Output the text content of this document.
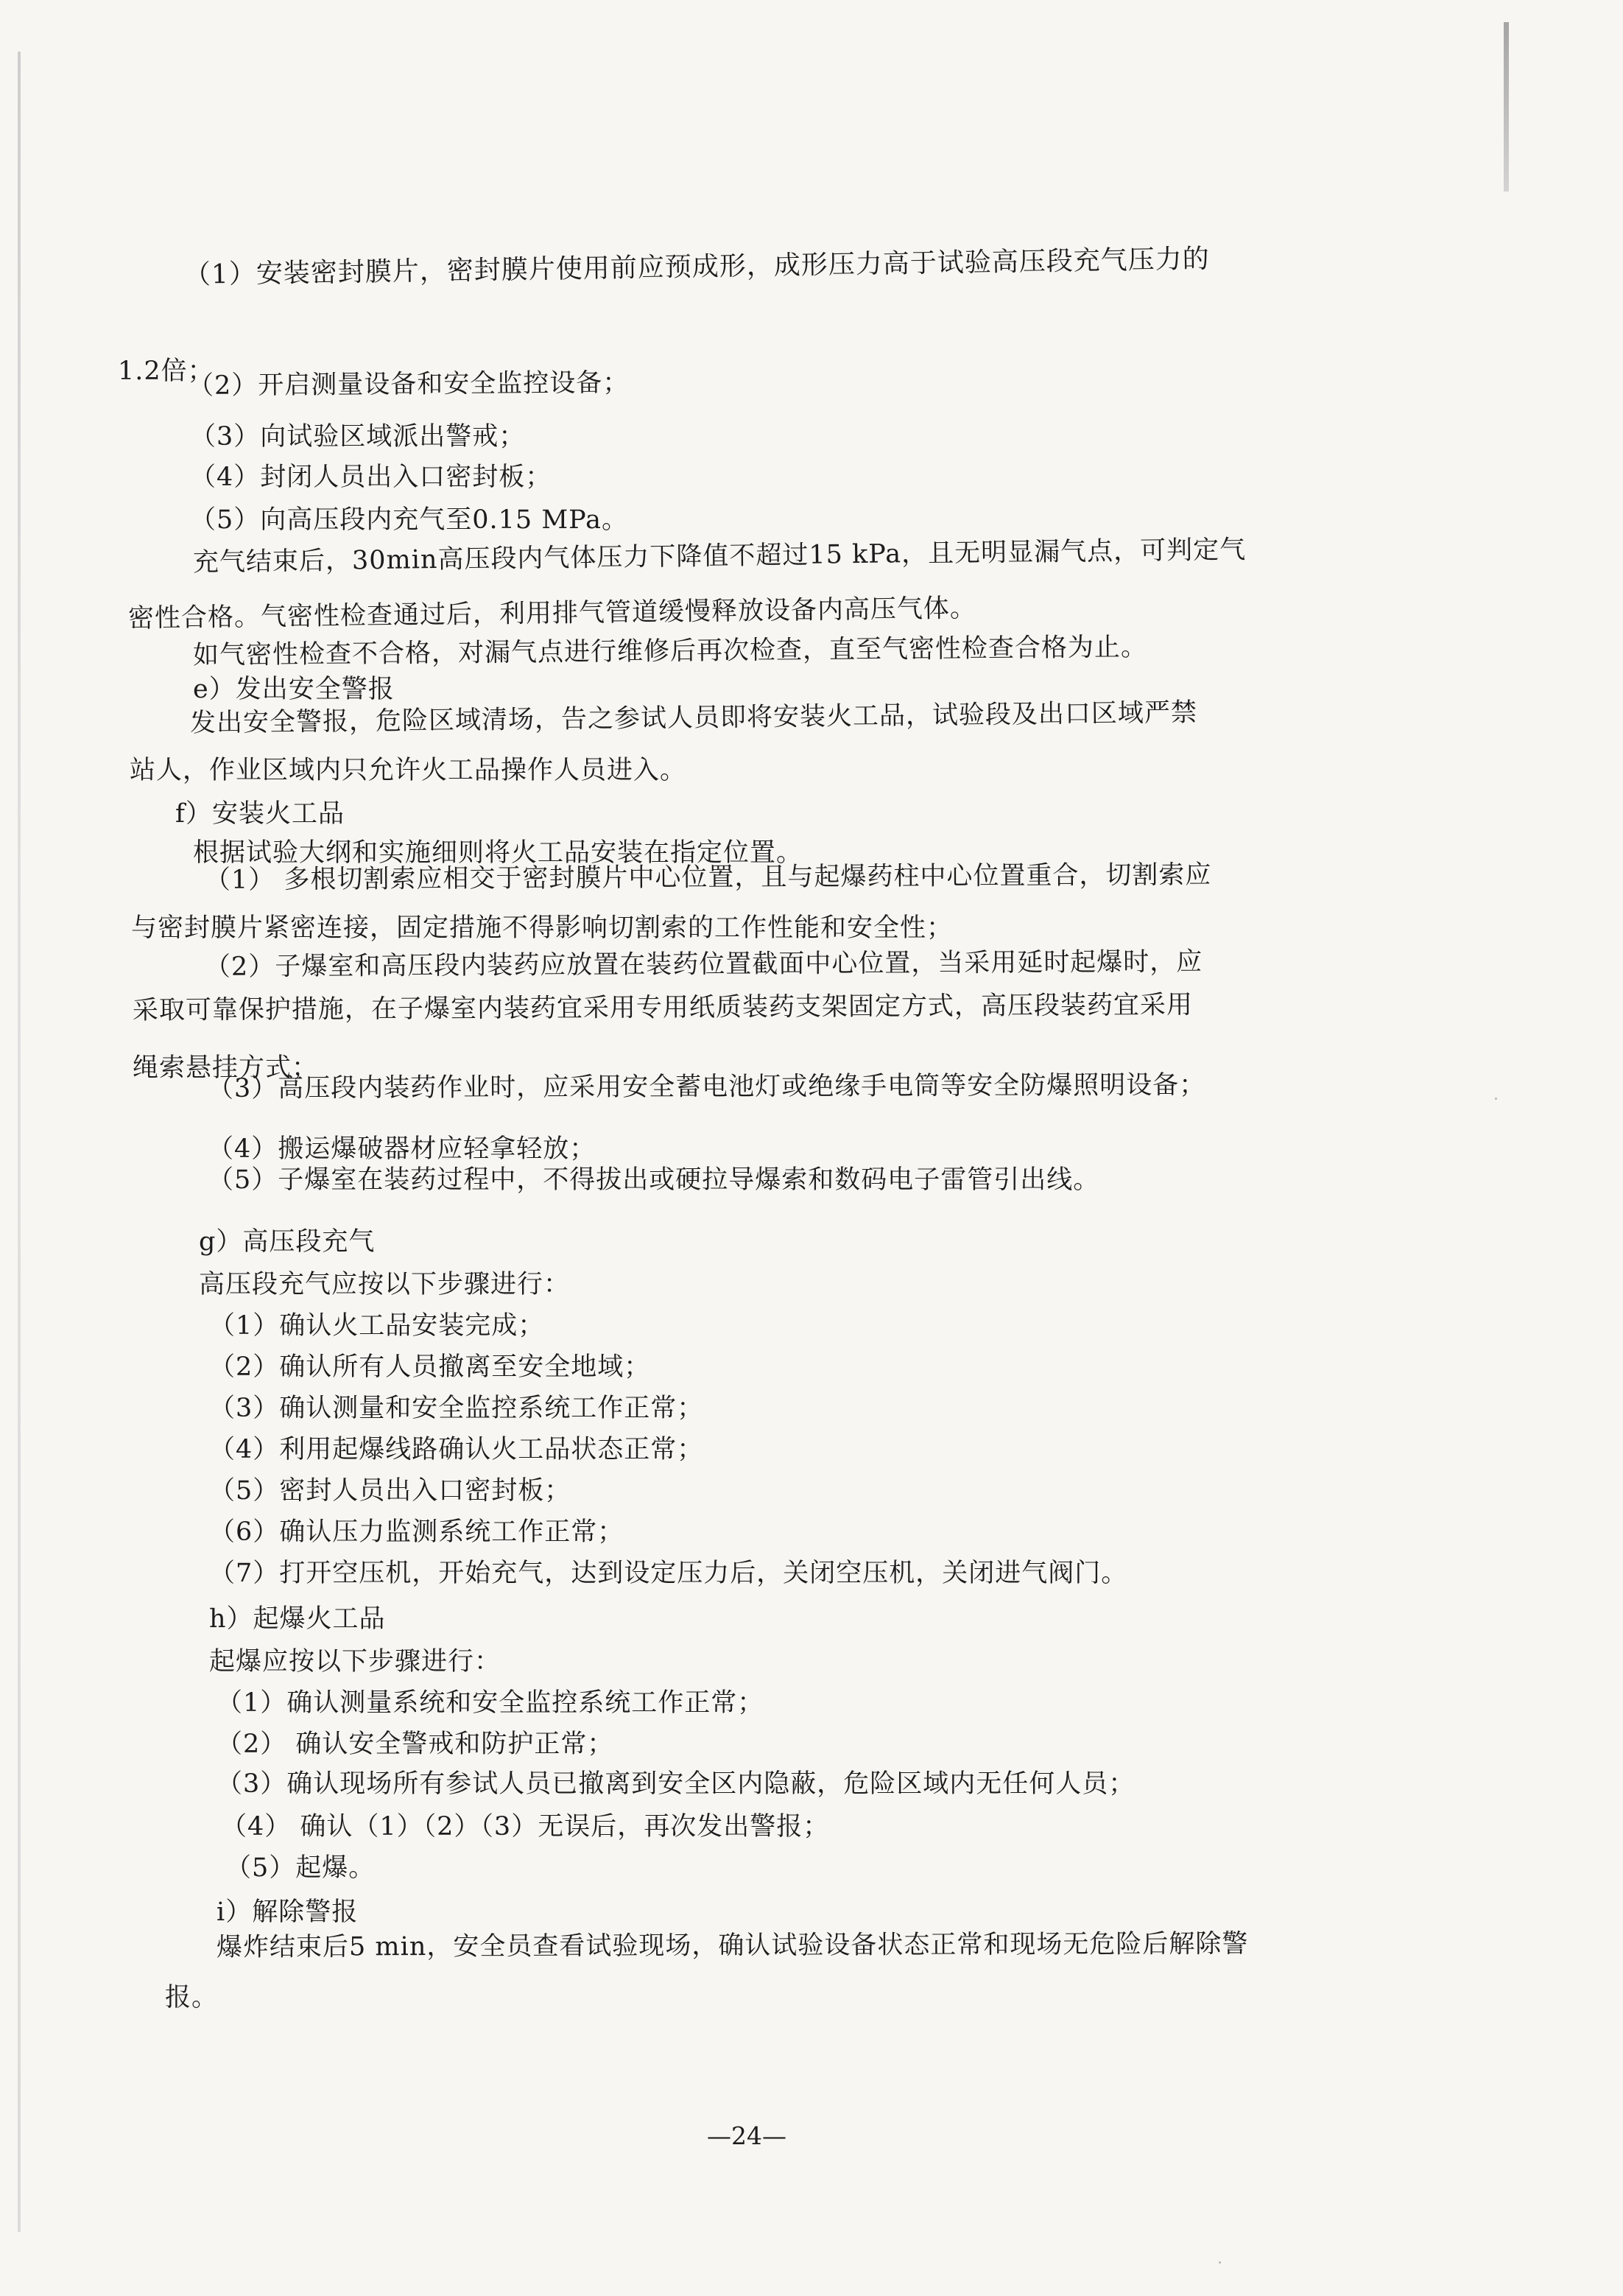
（1）安装密封膜片，密封膜片使用前应预成形，成形压力高于试验高压段充气压力的
1.2倍；
（2）开启测量设备和安全监控设备；
（3）向试验区域派出警戒；
（4）封闭人员出入口密封板；
（5）向高压段内充气至0.15 MPa。
充气结束后，30min高压段内气体压力下降值不超过15 kPa，且无明显漏气点，可判定气
密性合格。气密性检查通过后，利用排气管道缓慢释放设备内高压气体。
如气密性检查不合格，对漏气点进行维修后再次检查，直至气密性检查合格为止。
e）发出安全警报
发出安全警报，危险区域清场，告之参试人员即将安装火工品，试验段及出口区域严禁
站人，作业区域内只允许火工品操作人员进入。
f）安装火工品
根据试验大纲和实施细则将火工品安装在指定位置。
（1） 多根切割索应相交于密封膜片中心位置，且与起爆药柱中心位置重合，切割索应
与密封膜片紧密连接，固定措施不得影响切割索的工作性能和安全性；
（2）子爆室和高压段内装药应放置在装药位置截面中心位置，当采用延时起爆时，应
采取可靠保护措施，在子爆室内装药宜采用专用纸质装药支架固定方式，高压段装药宜采用
绳索悬挂方式；
（3）高压段内装药作业时，应采用安全蓄电池灯或绝缘手电筒等安全防爆照明设备；
（4）搬运爆破器材应轻拿轻放；
（5）子爆室在装药过程中，不得拔出或硬拉导爆索和数码电子雷管引出线。
g）高压段充气
高压段充气应按以下步骤进行：
（1）确认火工品安装完成；
（2）确认所有人员撤离至安全地域；
（3）确认测量和安全监控系统工作正常；
（4）利用起爆线路确认火工品状态正常；
（5）密封人员出入口密封板；
（6）确认压力监测系统工作正常；
（7）打开空压机，开始充气，达到设定压力后，关闭空压机，关闭进气阀门。
h）起爆火工品
起爆应按以下步骤进行：
（1）确认测量系统和安全监控系统工作正常；
（2） 确认安全警戒和防护正常；
（3）确认现场所有参试人员已撤离到安全区内隐蔽，危险区域内无任何人员；
（4） 确认（1）（2）（3）无误后，再次发出警报；
（5）起爆。
i）解除警报
爆炸结束后5 min，安全员查看试验现场，确认试验设备状态正常和现场无危险后解除警
报。
—24—
